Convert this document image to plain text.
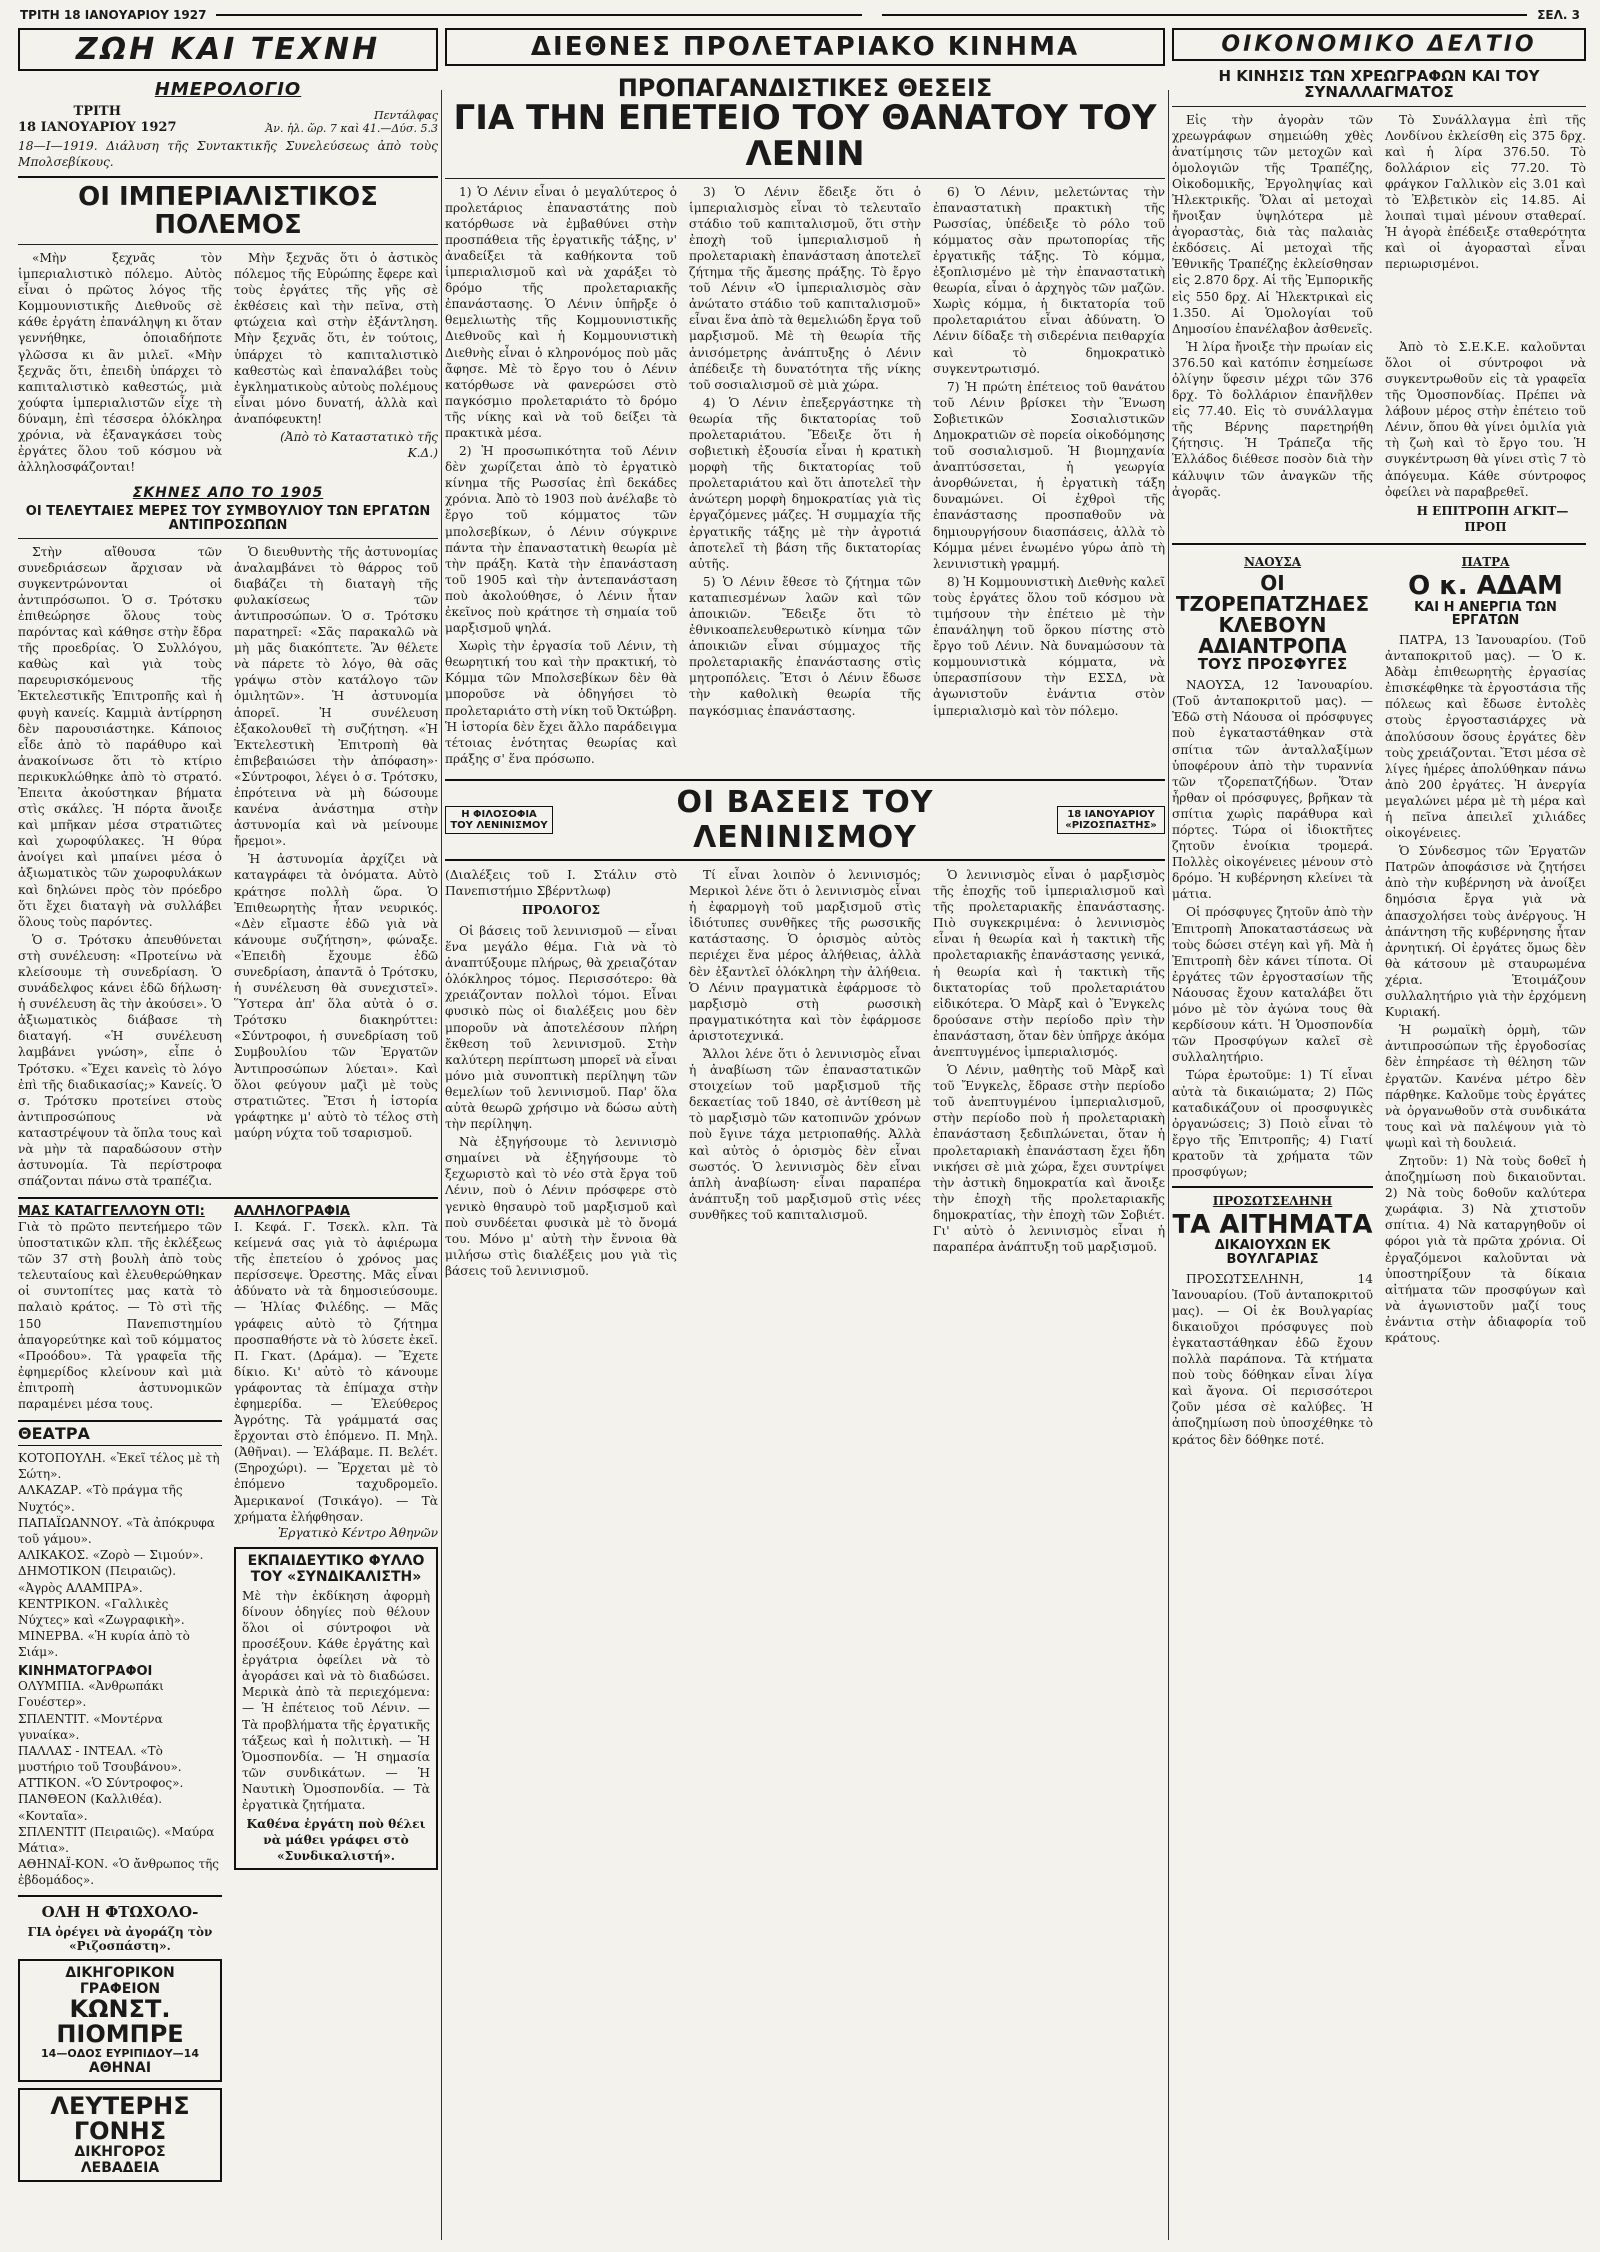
ΤΡΙΤΗ 18 ΙΑΝΟΥΑΡΙΟΥ 1927	ΣΕΛ. 3
ΖΩΗ ΚΑΙ ΤΕΧΝΗ
ΗΜΕΡΟΛΟΓΙΟ
ΤΡΙΤΗ
18 ΙΑΝΟΥΑΡΙΟΥ 1927
Πεντάλφας
Ἀν. ἡλ. ὥρ. 7 καὶ 41.—Δύσ. 5.3
18—I—1919. Διάλυση τῆς Συντακτικῆς Συνελεύσεως ἀπὸ τοὺς Μπολσεβίκους.
ΟΙ ΙΜΠΕΡΙΑΛΙΣΤΙΚΟΣ ΠΟΛΕΜΟΣ

«Μὴν ξεχνᾶς τὸν ἱμπεριαλιστικὸ πόλεμο. Αὐτὸς εἶναι ὁ πρῶτος λόγος τῆς Κομμουνιστικῆς Διεθνοῦς σὲ κάθε ἐργάτη ἐπανάληψη κι ὅταν γεννήθηκε, ὁποιαδήποτε γλῶσσα κι ἂν μιλεῖ. «Μὴν ξεχνᾶς ὅτι, ἐπειδὴ ὑπάρχει τὸ καπιταλιστικὸ καθεστώς, μιὰ χούφτα ἱμπεριαλιστῶν εἶχε τὴ δύναμη, ἐπὶ τέσσερα ὁλόκληρα χρόνια, νὰ ἐξαναγκάσει τοὺς ἐργάτες ὅλου τοῦ κόσμου νὰ ἀλληλοσφάζονται!

Μὴν ξεχνᾶς ὅτι ὁ ἀστικὸς πόλεμος τῆς Εὐρώπης ἔφερε καὶ τοὺς ἐργάτες τῆς γῆς σὲ ἐκθέσεις καὶ τὴν πεῖνα, στὴ φτώχεια καὶ στὴν ἐξάντληση. Μὴν ξεχνᾶς ὅτι, ἐν τούτοις, ὑπάρχει τὸ καπιταλιστικὸ καθεστὼς καὶ ἐπαναλάβει τοὺς ἐγκληματικοὺς αὐτοὺς πολέμους εἶναι μόνο δυνατή, ἀλλὰ καὶ ἀναπόφευκτη!

(Ἀπὸ τὸ Καταστατικὸ τῆς Κ.Δ.)

ΣΚΗΝΕΣ ΑΠΟ ΤΟ 1905
ΟΙ ΤΕΛΕΥΤΑΙΕΣ ΜΕΡΕΣ ΤΟΥ ΣΥΜΒΟΥΛΙΟΥ ΤΩΝ ΕΡΓΑΤΩΝ ΑΝΤΙΠΡΟΣΩΠΩΝ

Στὴν αἴθουσα τῶν συνεδριάσεων ἄρχισαν νὰ συγκεντρώνονται οἱ ἀντιπρόσωποι. Ὁ σ. Τρότσκυ ἐπιθεώρησε ὅλους τοὺς παρόντας καὶ κάθησε στὴν ἔδρα τῆς προεδρίας. Ὁ Συλλόγου, καθὼς καὶ γιὰ τοὺς παρευρισκόμενους τῆς Ἐκτελεστικῆς Ἐπιτροπῆς καὶ ἡ φυγὴ κανείς. Καμμιὰ ἀντίρρηση δὲν παρουσιάστηκε. Κάποιος εἶδε ἀπὸ τὸ παράθυρο καὶ ἀνακοίνωσε ὅτι τὸ κτίριο περικυκλώθηκε ἀπὸ τὸ στρατό. Ἐπειτα ἀκούστηκαν βήματα στὶς σκάλες. Ἡ πόρτα ἄνοιξε καὶ μπῆκαν μέσα στρατιῶτες καὶ χωροφύλακες. Ἡ θύρα ἀνοίγει καὶ μπαίνει μέσα ὁ ἀξιωματικὸς τῶν χωροφυλάκων καὶ δηλώνει πρὸς τὸν πρόεδρο ὅτι ἔχει διαταγὴ νὰ συλλάβει ὅλους τοὺς παρόντες.

Ὁ σ. Τρότσκυ ἀπευθύνεται στὴ συνέλευση: «Προτείνω νὰ κλείσουμε τὴ συνεδρίαση. Ὁ συνάδελφος κάνει ἐδῶ δήλωση· ἡ συνέλευση ἂς τὴν ἀκούσει». Ὁ ἀξιωματικὸς διάβασε τὴ διαταγή. «Ἡ συνέλευση λαμβάνει γνώση», εἶπε ὁ Τρότσκυ. «Ἔχει κανεὶς τὸ λόγο ἐπὶ τῆς διαδικασίας;» Κανείς. Ὁ σ. Τρότσκυ προτείνει στοὺς ἀντιπροσώπους νὰ καταστρέψουν τὰ ὅπλα τους καὶ νὰ μὴν τὰ παραδώσουν στὴν ἀστυνομία. Τὰ περίστροφα σπάζονται πάνω στὰ τραπέζια.

Ὁ διευθυντὴς τῆς ἀστυνομίας ἀναλαμβάνει τὸ θάρρος τοῦ διαβάζει τὴ διαταγὴ τῆς φυλακίσεως τῶν ἀντιπροσώπων. Ὁ σ. Τρότσκυ παρατηρεῖ: «Σᾶς παρακαλῶ νὰ μὴ μᾶς διακόπτετε. Ἂν θέλετε νὰ πάρετε τὸ λόγο, θὰ σᾶς γράψω στὸν κατάλογο τῶν ὁμιλητῶν». Ἡ ἀστυνομία ἀπορεῖ. Ἡ συνέλευση ἐξακολουθεῖ τὴ συζήτηση. «Ἡ Ἐκτελεστικὴ Ἐπιτροπὴ θὰ ἐπιβεβαιώσει τὴν ἀπόφαση»· «Σύντροφοι, λέγει ὁ σ. Τρότσκυ, ἐπρότεινα νὰ μὴ δώσουμε κανένα ἀνάστημα στὴν ἀστυνομία καὶ νὰ μείνουμε ἤρεμοι».

Ἡ ἀστυνομία ἀρχίζει νὰ καταγράφει τὰ ὀνόματα. Αὐτὸ κράτησε πολλὴ ὥρα. Ὁ Ἐπιθεωρητὴς ἦταν νευρικός. «Δὲν εἴμαστε ἐδῶ γιὰ νὰ κάνουμε συζήτηση», φώναξε. «Ἐπειδὴ ἔχουμε ἐδῶ συνεδρίαση, ἀπαντᾶ ὁ Τρότσκυ, ἡ συνέλευση θὰ συνεχιστεῖ». Ὕστερα ἀπ' ὅλα αὐτὰ ὁ σ. Τρότσκυ διακηρύττει: «Σύντροφοι, ἡ συνεδρίαση τοῦ Συμβουλίου τῶν Ἐργατῶν Ἀντιπροσώπων λύεται». Καὶ ὅλοι φεύγουν μαζὶ μὲ τοὺς στρατιῶτες. Ἔτσι ἡ ἱστορία γράφτηκε μ' αὐτὸ τὸ τέλος στὴ μαύρη νύχτα τοῦ τσαρισμοῦ.

ΜΑΣ ΚΑΤΑΓΓΕΛΛΟΥΝ ΟΤΙ:
Γιὰ τὸ πρῶτο πεντεήμερο τῶν ὑποστατικῶν κλπ. τῆς ἐκλέξεως τῶν 37 στὴ βουλὴ ἀπὸ τοὺς τελευταίους καὶ ἐλευθερώθηκαν οἱ συντοπίτες μας κατὰ τὸ παλαιὸ κράτος. — Τὸ στὶ τῆς 150 Πανεπιστημίου ἀπαγορεύτηκε καὶ τοῦ κόμματος «Προόδου». Τὰ γραφεῖα τῆς ἐφημερίδος κλείνουν καὶ μιὰ ἐπιτροπὴ ἀστυνομικῶν παραμένει μέσα τους.
ΘΕΑΤΡΑ
ΚΟΤΟΠΟΥΛΗ. «Ἐκεῖ τέλος μὲ τὴ Σώτη».
ΑΛΚΑΖΑΡ. «Τὸ πράγμα τῆς Νυχτός».
ΠΑΠΑΪΩΑΝΝΟΥ. «Τὰ ἀπόκρυφα τοῦ γάμου».
ΑΛΙΚΑΚΟΣ. «Ζορὸ — Σιμούν».
ΔΗΜΟΤΙΚΟΝ (Πειραιῶς). «Ἀγρὸς ΑΛΑΜΠΡΑ».
ΚΕΝΤΡΙΚΟΝ. «Γαλλικὲς Νύχτες» καὶ «Ζωγραφικὴ».
ΜΙΝΕΡΒΑ. «Ἡ κυρία ἀπὸ τὸ Σιάμ».
ΚΙΝΗΜΑΤΟΓΡΑΦΟΙ
ΟΛΥΜΠΙΑ. «Ἀνθρωπάκι Γουέστερ».
ΣΠΛΕΝΤΙΤ. «Μοντέρνα γυναίκα».
ΠΑΛΛΑΣ - ΙΝΤΕΑΛ. «Τὸ μυστήριο τοῦ Τσουβάνου».
ΑΤΤΙΚΟΝ. «Ὁ Σύντροφος».
ΠΑΝΘΕΟΝ (Καλλιθέα). «Κονταῖα».
ΣΠΛΕΝΤΙΤ (Πειραιῶς). «Μαύρα Μάτια».
ΑΘΗΝΑΪ-ΚΟΝ. «Ὁ ἄνθρωπος τῆς ἐβδομάδος».
ΟΛΗ Η ΦΤΩΧΟΛΟ-
ΓΙΑ ὀρέγει νὰ ἀγοράζη τὸν «Ριζοσπάστη».
ΔΙΚΗΓΟΡΙΚΟΝ ΓΡΑΦΕΙΟΝ
ΚΩΝΣΤ. ΠΙΟΜΠΡΕ
14—ΟΔΟΣ ΕΥΡΙΠΙΔΟΥ—14
ΑΘΗΝΑΙ
ΛΕΥΤΕΡΗΣ ΓΟΝΗΣ
ΔΙΚΗΓΟΡΟΣ
ΛΕΒΑΔΕΙΑ
ΑΛΛΗΛΟΓΡΑΦΙΑ
Ι. Κεφά. Γ. Τσεκλ. κλπ. Τὰ κείμενά σας γιὰ τὸ ἀφιέρωμα τῆς ἐπετείου ὁ χρόνος μας περίσσεψε. Ὀρεστης. Μᾶς εἶναι ἀδύνατο νὰ τὰ δημοσιεύσουμε. — Ἡλίας Φιλέδης. — Μᾶς γράφεις αὐτὸ τὸ ζήτημα προσπαθήστε νὰ τὸ λύσετε ἐκεῖ. Π. Γκατ. (Δράμα). — Ἔχετε δίκιο. Κι' αὐτὸ τὸ κάνουμε γράφοντας τὰ ἐπίμαχα στὴν ἐφημερίδα. — Ἐλεύθερος Ἀγρότης. Τὰ γράμματά σας ἔρχονται στὸ ἑπόμενο. Π. Μηλ. (Ἀθῆναι). — Ἐλάβαμε. Π. Βελέτ. (Ξηροχώρι). — Ἔρχεται μὲ τὸ ἑπόμενο ταχυδρομεῖο. Ἀμερικανοί (Τσικάγο). — Τὰ χρήματα ἐλήφθησαν.
Ἐργατικὸ Κέντρο Ἀθηνῶν
ΕΚΠΑΙΔΕΥΤΙΚΟ ΦΥΛΛΟ
ΤΟΥ «ΣΥΝΔΙΚΑΛΙΣΤΗ»
Μὲ τὴν ἐκδίκηση ἀφορμὴ δίνουν ὁδηγίες ποὺ θέλουν ὅλοι οἱ σύντροφοι νὰ προσέξουν. Κάθε ἐργάτης καὶ ἐργάτρια ὀφείλει νὰ τὸ ἀγοράσει καὶ νὰ τὸ διαδώσει. Μερικὰ ἀπὸ τὰ περιεχόμενα: — Ἡ ἐπέτειος τοῦ Λένιν. — Τὰ προβλήματα τῆς ἐργατικῆς τάξεως καὶ ἡ πολιτικὴ. — Ἡ Ὁμοσπονδία. — Ἡ σημασία τῶν συνδικάτων. — Ἡ Ναυτικὴ Ὁμοσπονδία. — Τὰ ἐργατικὰ ζητήματα.
Καθένα ἐργάτη ποὺ θέλει νὰ μάθει γράφει στὸ «Συνδικαλιστή».
ΔΙΕΘΝΕΣ ΠΡΟΛΕΤΑΡΙΑΚΟ ΚΙΝΗΜΑ
ΠΡΟΠΑΓΑΝΔΙΣΤΙΚΕΣ ΘΕΣΕΙΣ
ΓΙΑ ΤΗΝ ΕΠΕΤΕΙΟ ΤΟΥ ΘΑΝΑΤΟΥ ΤΟΥ ΛΕΝΙΝ

1) Ὁ Λένιν εἶναι ὁ μεγαλύτερος ὁ προλετάριος ἐπαναστάτης ποὺ κατόρθωσε νὰ ἐμβαθύνει στὴν προσπάθεια τῆς ἐργατικῆς τάξης, ν' ἀναδείξει τὰ καθήκοντα τοῦ ἱμπεριαλισμοῦ καὶ νὰ χαράξει τὸ δρόμο τῆς προλεταριακῆς ἐπανάστασης. Ὁ Λένιν ὑπῆρξε ὁ θεμελιωτὴς τῆς Κομμουνιστικῆς Διεθνοῦς καὶ ἡ Κομμουνιστικὴ Διεθνὴς εἶναι ὁ κληρονόμος ποὺ μᾶς ἄφησε. Μὲ τὸ ἔργο του ὁ Λένιν κατόρθωσε νὰ φανερώσει στὸ παγκόσμιο προλεταριάτο τὸ δρόμο τῆς νίκης καὶ νὰ τοῦ δείξει τὰ πρακτικὰ μέσα.

2) Ἡ προσωπικότητα τοῦ Λένιν δὲν χωρίζεται ἀπὸ τὸ ἐργατικὸ κίνημα τῆς Ρωσσίας ἐπὶ δεκάδες χρόνια. Ἀπὸ τὸ 1903 ποὺ ἀνέλαβε τὸ ἔργο τοῦ κόμματος τῶν μπολσεβίκων, ὁ Λένιν σύγκρινε πάντα τὴν ἐπαναστατικὴ θεωρία μὲ τὴν πράξη. Κατὰ τὴν ἐπανάσταση τοῦ 1905 καὶ τὴν ἀντεπανάσταση ποὺ ἀκολούθησε, ὁ Λένιν ἦταν ἐκεῖνος ποὺ κράτησε τὴ σημαία τοῦ μαρξισμοῦ ψηλά.

Χωρὶς τὴν ἐργασία τοῦ Λένιν, τὴ θεωρητική του καὶ τὴν πρακτική, τὸ Κόμμα τῶν Μπολσεβίκων δὲν θὰ μποροῦσε νὰ ὁδηγήσει τὸ προλεταριάτο στὴ νίκη τοῦ Ὀκτώβρη. Ἡ ἱστορία δὲν ἔχει ἄλλο παράδειγμα τέτοιας ἑνότητας θεωρίας καὶ πράξης σ' ἕνα πρόσωπο.

3) Ὁ Λένιν ἔδειξε ὅτι ὁ ἱμπεριαλισμὸς εἶναι τὸ τελευταῖο στάδιο τοῦ καπιταλισμοῦ, ὅτι στὴν ἐποχὴ τοῦ ἱμπεριαλισμοῦ ἡ προλεταριακὴ ἐπανάσταση ἀποτελεῖ ζήτημα τῆς ἄμεσης πράξης. Τὸ ἔργο τοῦ Λένιν «Ὁ ἱμπεριαλισμὸς σὰν ἀνώτατο στάδιο τοῦ καπιταλισμοῦ» εἶναι ἕνα ἀπὸ τὰ θεμελιώδη ἔργα τοῦ μαρξισμοῦ. Μὲ τὴ θεωρία τῆς ἀνισόμετρης ἀνάπτυξης ὁ Λένιν ἀπέδειξε τὴ δυνατότητα τῆς νίκης τοῦ σοσιαλισμοῦ σὲ μιὰ χώρα.

4) Ὁ Λένιν ἐπεξεργάστηκε τὴ θεωρία τῆς δικτατορίας τοῦ προλεταριάτου. Ἔδειξε ὅτι ἡ σοβιετικὴ ἐξουσία εἶναι ἡ κρατικὴ μορφὴ τῆς δικτατορίας τοῦ προλεταριάτου καὶ ὅτι ἀποτελεῖ τὴν ἀνώτερη μορφὴ δημοκρατίας γιὰ τὶς ἐργαζόμενες μάζες. Ἡ συμμαχία τῆς ἐργατικῆς τάξης μὲ τὴν ἀγροτιά ἀποτελεῖ τὴ βάση τῆς δικτατορίας αὐτῆς.

5) Ὁ Λένιν ἔθεσε τὸ ζήτημα τῶν καταπιεσμένων λαῶν καὶ τῶν ἀποικιῶν. Ἔδειξε ὅτι τὸ ἐθνικοαπελευθερωτικὸ κίνημα τῶν ἀποικιῶν εἶναι σύμμαχος τῆς προλεταριακῆς ἐπανάστασης στὶς μητροπόλεις. Ἔτσι ὁ Λένιν ἔδωσε τὴν καθολικὴ θεωρία τῆς παγκόσμιας ἐπανάστασης.

6) Ὁ Λένιν, μελετώντας τὴν ἐπαναστατικὴ πρακτικὴ τῆς Ρωσσίας, ὑπέδειξε τὸ ρόλο τοῦ κόμματος σὰν πρωτοπορίας τῆς ἐργατικῆς τάξης. Τὸ κόμμα, ἐξοπλισμένο μὲ τὴν ἐπαναστατικὴ θεωρία, εἶναι ὁ ἀρχηγὸς τῶν μαζῶν. Χωρὶς κόμμα, ἡ δικτατορία τοῦ προλεταριάτου εἶναι ἀδύνατη. Ὁ Λένιν δίδαξε τὴ σιδερένια πειθαρχία καὶ τὸ δημοκρατικὸ συγκεντρωτισμό.

7) Ἡ πρώτη ἐπέτειος τοῦ θανάτου τοῦ Λένιν βρίσκει τὴν Ἕνωση Σοβιετικῶν Σοσιαλιστικῶν Δημοκρατιῶν σὲ πορεία οἰκοδόμησης τοῦ σοσιαλισμοῦ. Ἡ βιομηχανία ἀναπτύσσεται, ἡ γεωργία ἀνορθώνεται, ἡ ἐργατικὴ τάξη δυναμώνει. Οἱ ἐχθροὶ τῆς ἐπανάστασης προσπαθοῦν νὰ δημιουργήσουν διασπάσεις, ἀλλὰ τὸ Κόμμα μένει ἑνωμένο γύρω ἀπὸ τὴ λενινιστικὴ γραμμή.

8) Ἡ Κομμουνιστικὴ Διεθνὴς καλεῖ τοὺς ἐργάτες ὅλου τοῦ κόσμου νὰ τιμήσουν τὴν ἐπέτειο μὲ τὴν ἐπανάληψη τοῦ ὅρκου πίστης στὸ ἔργο τοῦ Λένιν. Νὰ δυναμώσουν τὰ κομμουνιστικὰ κόμματα, νὰ ὑπερασπίσουν τὴν ΕΣΣΔ, νὰ ἀγωνιστοῦν ἐνάντια στὸν ἱμπεριαλισμὸ καὶ τὸν πόλεμο.

Η ΦΙΛΟΣΟΦΙΑ ΤΟΥ ΛΕΝΙΝΙΣΜΟΥ
ΟΙ ΒΑΣΕΙΣ ΤΟΥ ΛΕΝΙΝΙΣΜΟΥ
18 ΙΑΝΟΥΑΡΙΟΥ «ΡΙΖΟΣΠΑΣΤΗΣ»
(Διαλέξεις τοῦ Ι. Στάλιν στὸ Πανεπιστήμιο Σβέρντλωφ)
ΠΡΟΛΟΓΟΣ

Οἱ βάσεις τοῦ λενινισμοῦ — εἶναι ἕνα μεγάλο θέμα. Γιὰ νὰ τὸ ἀναπτύξουμε πλήρως, θὰ χρειαζόταν ὁλόκληρος τόμος. Περισσότερο: θὰ χρειάζονταν πολλοὶ τόμοι. Εἶναι φυσικὸ πὼς οἱ διαλέξεις μου δὲν μποροῦν νὰ ἀποτελέσουν πλήρη ἔκθεση τοῦ λενινισμοῦ. Στὴν καλύτερη περίπτωση μπορεῖ νὰ εἶναι μόνο μιὰ συνοπτικὴ περίληψη τῶν θεμελίων τοῦ λενινισμοῦ. Παρ' ὅλα αὐτὰ θεωρῶ χρήσιμο νὰ δώσω αὐτὴ τὴν περίληψη.

Νὰ ἐξηγήσουμε τὸ λενινισμὸ σημαίνει νὰ ἐξηγήσουμε τὸ ξεχωριστὸ καὶ τὸ νέο στὰ ἔργα τοῦ Λένιν, ποὺ ὁ Λένιν πρόσφερε στὸ γενικὸ θησαυρὸ τοῦ μαρξισμοῦ καὶ ποὺ συνδέεται φυσικὰ μὲ τὸ ὄνομά του. Μόνο μ' αὐτὴ τὴν ἔννοια θὰ μιλήσω στὶς διαλέξεις μου γιὰ τὶς βάσεις τοῦ λενινισμοῦ.

Τί εἶναι λοιπὸν ὁ λενινισμός; Μερικοὶ λένε ὅτι ὁ λενινισμὸς εἶναι ἡ ἐφαρμογὴ τοῦ μαρξισμοῦ στὶς ἰδιότυπες συνθῆκες τῆς ρωσσικῆς κατάστασης. Ὁ ὁρισμὸς αὐτὸς περιέχει ἕνα μέρος ἀλήθειας, ἀλλὰ δὲν ἐξαντλεῖ ὁλόκληρη τὴν ἀλήθεια. Ὁ Λένιν πραγματικὰ ἐφάρμοσε τὸ μαρξισμὸ στὴ ρωσσικὴ πραγματικότητα καὶ τὸν ἐφάρμοσε ἀριστοτεχνικά.

Ἄλλοι λένε ὅτι ὁ λενινισμὸς εἶναι ἡ ἀναβίωση τῶν ἐπαναστατικῶν στοιχείων τοῦ μαρξισμοῦ τῆς δεκαετίας τοῦ 1840, σὲ ἀντίθεση μὲ τὸ μαρξισμὸ τῶν κατοπινῶν χρόνων ποὺ ἔγινε τάχα μετριοπαθής. Ἀλλὰ καὶ αὐτὸς ὁ ὁρισμὸς δὲν εἶναι σωστός. Ὁ λενινισμὸς δὲν εἶναι ἁπλὴ ἀναβίωση· εἶναι παραπέρα ἀνάπτυξη τοῦ μαρξισμοῦ στὶς νέες συνθῆκες τοῦ καπιταλισμοῦ.

Ὁ λενινισμὸς εἶναι ὁ μαρξισμὸς τῆς ἐποχῆς τοῦ ἱμπεριαλισμοῦ καὶ τῆς προλεταριακῆς ἐπανάστασης. Πιὸ συγκεκριμένα: ὁ λενινισμὸς εἶναι ἡ θεωρία καὶ ἡ τακτικὴ τῆς προλεταριακῆς ἐπανάστασης γενικά, ἡ θεωρία καὶ ἡ τακτικὴ τῆς δικτατορίας τοῦ προλεταριάτου εἰδικότερα. Ὁ Μὰρξ καὶ ὁ Ἔνγκελς δρούσανε στὴν περίοδο πρὶν τὴν ἐπανάσταση, ὅταν δὲν ὑπῆρχε ἀκόμα ἀνεπτυγμένος ἱμπεριαλισμός.

Ὁ Λένιν, μαθητὴς τοῦ Μὰρξ καὶ τοῦ Ἔνγκελς, ἔδρασε στὴν περίοδο τοῦ ἀνεπτυγμένου ἱμπεριαλισμοῦ, στὴν περίοδο ποὺ ἡ προλεταριακὴ ἐπανάσταση ξεδιπλώνεται, ὅταν ἡ προλεταριακὴ ἐπανάσταση ἔχει ἤδη νικήσει σὲ μιὰ χώρα, ἔχει συντρίψει τὴν ἀστικὴ δημοκρατία καὶ ἄνοιξε τὴν ἐποχὴ τῆς προλεταριακῆς δημοκρατίας, τὴν ἐποχὴ τῶν Σοβιέτ. Γι' αὐτὸ ὁ λενινισμὸς εἶναι ἡ παραπέρα ἀνάπτυξη τοῦ μαρξισμοῦ.

ΟΙΚΟΝΟΜΙΚΟ ΔΕΛΤΙΟ
Η ΚΙΝΗΣΙΣ ΤΩΝ ΧΡΕΩΓΡΑΦΩΝ ΚΑΙ ΤΟΥ ΣΥΝΑΛΛΑΓΜΑΤΟΣ

Εἰς τὴν ἀγορὰν τῶν χρεωγράφων σημειώθη χθὲς ἀνατίμησις τῶν μετοχῶν καὶ ὁμολογιῶν τῆς Τραπέζης, Οἰκοδομικῆς, Ἐργοληψίας καὶ Ἠλεκτρικῆς. Ὅλαι αἱ μετοχαὶ ἤνοιξαν ὑψηλότερα μὲ ἀγοραστὰς, διὰ τὰς παλαιὰς ἐκδόσεις. Αἱ μετοχαὶ τῆς Ἐθνικῆς Τραπέζης ἐκλείσθησαν εἰς 2.870 δρχ. Αἱ τῆς Ἐμπορικῆς εἰς 550 δρχ. Αἱ Ἠλεκτρικαὶ εἰς 1.350. Αἱ Ὁμολογίαι τοῦ Δημοσίου ἐπανέλαβον ἀσθενεῖς.

Τὸ Συνάλλαγμα ἐπὶ τῆς Λονδίνου ἐκλείσθη εἰς 375 δρχ. καὶ ἡ λίρα 376.50. Τὸ δολλάριον εἰς 77.20. Τὸ φράγκον Γαλλικὸν εἰς 3.01 καὶ τὸ Ἐλβετικὸν εἰς 14.85. Αἱ λοιπαὶ τιμαὶ μένουν σταθεραί. Ἡ ἀγορὰ ἐπέδειξε σταθερότητα καὶ οἱ ἀγορασταὶ εἶναι περιωρισμένοι.

Ἡ λίρα ἤνοιξε τὴν πρωίαν εἰς 376.50 καὶ κατόπιν ἐσημείωσε ὀλίγην ὕφεσιν μέχρι τῶν 376 δρχ. Τὸ δολλάριον ἐπανῆλθεν εἰς 77.40. Εἰς τὸ συνάλλαγμα τῆς Βέρνης παρετηρήθη ζήτησις. Ἡ Τράπεζα τῆς Ἑλλάδος διέθεσε ποσὸν διὰ τὴν κάλυψιν τῶν ἀναγκῶν τῆς ἀγορᾶς.

Ἀπὸ τὸ Σ.Ε.Κ.Ε. καλοῦνται ὅλοι οἱ σύντροφοι νὰ συγκεντρωθοῦν εἰς τὰ γραφεῖα τῆς Ὁμοσπονδίας. Πρέπει νὰ λάβουν μέρος στὴν ἐπέτειο τοῦ Λένιν, ὅπου θὰ γίνει ὁμιλία γιὰ τὴ ζωὴ καὶ τὸ ἔργο του. Ἡ συγκέντρωση θὰ γίνει στὶς 7 τὸ ἀπόγευμα. Κάθε σύντροφος ὀφείλει νὰ παραβρεθεῖ.

Η ΕΠΙΤΡΟΠΗ ΑΓΚΙΤ—ΠΡΟΠ

ΝΑΟΥΣΑ
ΟΙ ΤΖΟΡΕΠΑΤΖΗΔΕΣ
ΚΛΕΒΟΥΝ ΑΔΙΑΝΤΡΟΠΑ
ΤΟΥΣ ΠΡΟΣΦΥΓΕΣ

ΝΑΟΥΣΑ, 12 Ἰανουαρίου. (Τοῦ ἀνταποκριτοῦ μας). — Ἐδῶ στὴ Νάουσα οἱ πρόσφυγες ποὺ ἐγκαταστάθηκαν στὰ σπίτια τῶν ἀνταλλαξίμων ὑποφέρουν ἀπὸ τὴν τυραννία τῶν τζορεπατζήδων. Ὅταν ἦρθαν οἱ πρόσφυγες, βρῆκαν τὰ σπίτια χωρὶς παράθυρα καὶ πόρτες. Τώρα οἱ ἰδιοκτῆτες ζητοῦν ἐνοίκια τρομερά. Πολλὲς οἰκογένειες μένουν στὸ δρόμο. Ἡ κυβέρνηση κλείνει τὰ μάτια.

Οἱ πρόσφυγες ζητοῦν ἀπὸ τὴν Ἐπιτροπὴ Ἀποκαταστάσεως νὰ τοὺς δώσει στέγη καὶ γῆ. Μὰ ἡ Ἐπιτροπὴ δὲν κάνει τίποτα. Οἱ ἐργάτες τῶν ἐργοστασίων τῆς Νάουσας ἔχουν καταλάβει ὅτι μόνο μὲ τὸν ἀγώνα τους θὰ κερδίσουν κάτι. Ἡ Ὁμοσπονδία τῶν Προσφύγων καλεῖ σὲ συλλαλητήριο.

Τώρα ἐρωτοῦμε: 1) Τί εἶναι αὐτὰ τὰ δικαιώματα; 2) Πῶς καταδικάζουν οἱ προσφυγικὲς ὀργανώσεις; 3) Ποιὸ εἶναι τὸ ἔργο τῆς Ἐπιτροπῆς; 4) Γιατί κρατοῦν τὰ χρήματα τῶν προσφύγων;

ΠΡΟΣΩΤΣΕΛΗΝΗ
ΤΑ ΑΙΤΗΜΑΤΑ
ΔΙΚΑΙΟΥΧΩΝ ΕΚ ΒΟΥΛΓΑΡΙΑΣ

ΠΡΟΣΩΤΣΕΛΗΝΗ, 14 Ἰανουαρίου. (Τοῦ ἀνταποκριτοῦ μας). — Οἱ ἐκ Βουλγαρίας δικαιοῦχοι πρόσφυγες ποὺ ἐγκαταστάθηκαν ἐδῶ ἔχουν πολλὰ παράπονα. Τὰ κτήματα ποὺ τοὺς δόθηκαν εἶναι λίγα καὶ ἄγονα. Οἱ περισσότεροι ζοῦν μέσα σὲ καλύβες. Ἡ ἀποζημίωση ποὺ ὑποσχέθηκε τὸ κράτος δὲν δόθηκε ποτέ.

ΠΑΤΡΑ
Ο κ. ΑΔΑΜ
ΚΑΙ Η ΑΝΕΡΓΙΑ ΤΩΝ ΕΡΓΑΤΩΝ

ΠΑΤΡΑ, 13 Ἰανουαρίου. (Τοῦ ἀνταποκριτοῦ μας). — Ὁ κ. Ἀδὰμ ἐπιθεωρητὴς ἐργασίας ἐπισκέφθηκε τὰ ἐργοστάσια τῆς πόλεως καὶ ἔδωσε ἐντολὲς στοὺς ἐργοστασιάρχες νὰ ἀπολύσουν ὅσους ἐργάτες δὲν τοὺς χρειάζονται. Ἔτσι μέσα σὲ λίγες ἡμέρες ἀπολύθηκαν πάνω ἀπὸ 200 ἐργάτες. Ἡ ἀνεργία μεγαλώνει μέρα μὲ τὴ μέρα καὶ ἡ πεῖνα ἀπειλεῖ χιλιάδες οἰκογένειες.

Ὁ Σύνδεσμος τῶν Ἐργατῶν Πατρῶν ἀποφάσισε νὰ ζητήσει ἀπὸ τὴν κυβέρνηση νὰ ἀνοίξει δημόσια ἔργα γιὰ νὰ ἀπασχολήσει τοὺς ἀνέργους. Ἡ ἀπάντηση τῆς κυβέρνησης ἦταν ἀρνητική. Οἱ ἐργάτες ὅμως δὲν θὰ κάτσουν μὲ σταυρωμένα χέρια. Ἑτοιμάζουν συλλαλητήριο γιὰ τὴν ἐρχόμενη Κυριακή.

Ἡ ρωμαϊκὴ ὁρμὴ, τῶν ἀντιπροσώπων τῆς ἐργοδοσίας δὲν ἐπηρέασε τὴ θέληση τῶν ἐργατῶν. Κανένα μέτρο δὲν πάρθηκε. Καλοῦμε τοὺς ἐργάτες νὰ ὀργανωθοῦν στὰ συνδικάτα τους καὶ νὰ παλέψουν γιὰ τὸ ψωμὶ καὶ τὴ δουλειά.

Ζητοῦν: 1) Νὰ τοὺς δοθεῖ ἡ ἀποζημίωση ποὺ δικαιοῦνται. 2) Νὰ τοὺς δοθοῦν καλύτερα χωράφια. 3) Νὰ χτιστοῦν σπίτια. 4) Νὰ καταργηθοῦν οἱ φόροι γιὰ τὰ πρῶτα χρόνια. Οἱ ἐργαζόμενοι καλοῦνται νὰ ὑποστηρίξουν τὰ δίκαια αἰτήματα τῶν προσφύγων καὶ νὰ ἀγωνιστοῦν μαζί τους ἐνάντια στὴν ἀδιαφορία τοῦ κράτους.
